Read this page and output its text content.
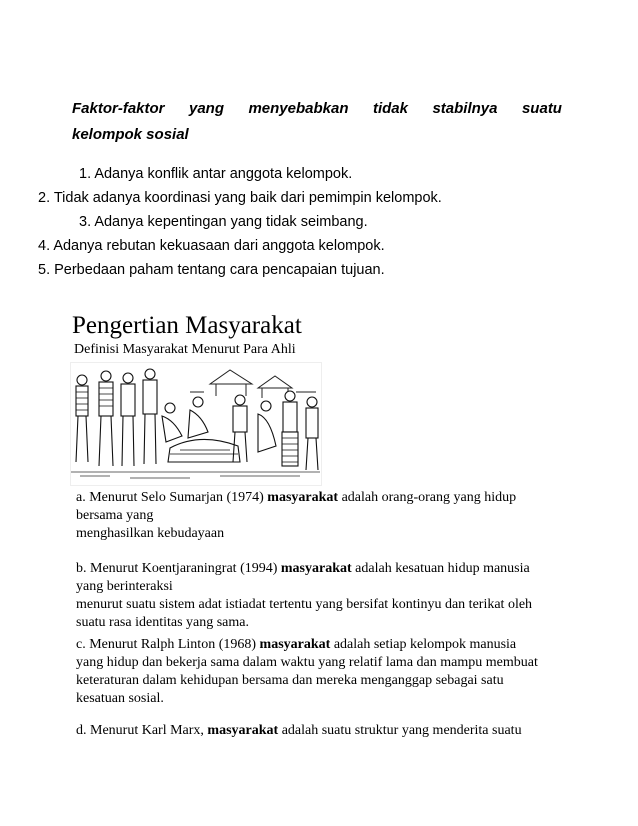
Faktor-faktor yang menyebabkan tidak stabilnya suatu
kelompok sosial
1. Adanya konflik antar anggota kelompok.
2. Tidak adanya koordinasi yang baik dari pemimpin kelompok.
3. Adanya kepentingan yang tidak seimbang.
4. Adanya rebutan kekuasaan dari anggota kelompok.
5. Perbedaan paham tentang cara pencapaian tujuan.
Pengertian Masyarakat
Definisi Masyarakat Menurut Para Ahli
a. Menurut Selo Sumarjan (1974) masyarakat adalah orang-orang yang hidup
bersama yang
menghasilkan kebudayaan
b. Menurut Koentjaraningrat (1994) masyarakat adalah kesatuan hidup manusia
yang berinteraksi
menurut suatu sistem adat istiadat tertentu yang bersifat kontinyu dan terikat oleh
suatu rasa identitas yang sama.
c. Menurut Ralph Linton (1968) masyarakat adalah setiap kelompok manusia
yang hidup dan bekerja sama dalam waktu yang relatif lama dan mampu membuat
keteraturan dalam kehidupan bersama dan mereka menganggap sebagai satu
kesatuan sosial.
d. Menurut Karl Marx, masyarakat adalah suatu struktur yang menderita suatu
